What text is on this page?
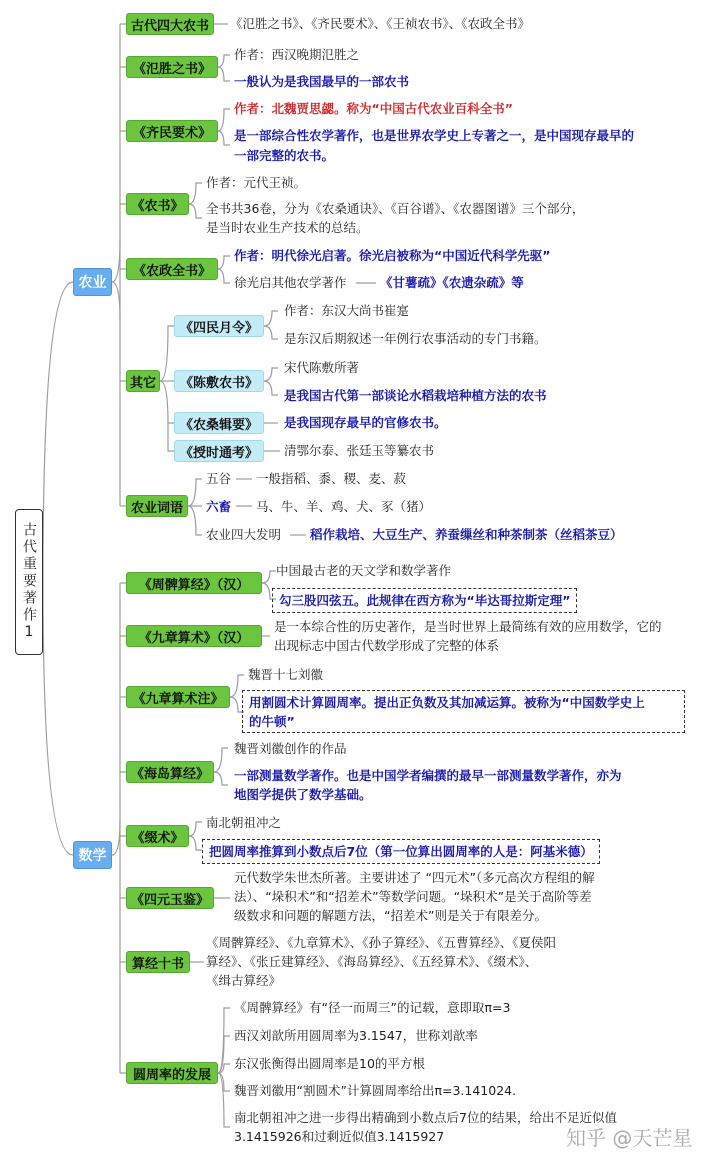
古代重要著作1
农业
古代四大农书	《氾胜之书》、《齐民要术》、《王祯农书》、《农政全书》
《氾胜之书》
作者：西汉晚期氾胜之
一般认为是我国最早的一部农书
《齐民要术》
作者：北魏贾思勰。称为“中国古代农业百科全书”
是一部综合性农学著作，也是世界农学史上专著之一，是中国现存最早的
一部完整的农书。
《农书》
作者：元代王祯。
全书共36卷，分为《农桑通诀》、《百谷谱》、《农器图谱》三个部分，
是当时农业生产技术的总结。
《农政全书》
作者：明代徐光启著。徐光启被称为“中国近代科学先驱”
徐光启其他农学著作	《甘薯疏》《农遗杂疏》等
其它
《四民月令》
作者：东汉大尚书崔寔
是东汉后期叙述一年例行农事活动的专门书籍。
《陈敷农书》
宋代陈敷所著
是我国古代第一部谈论水稻栽培种植方法的农书
《农桑辑要》	是我国现存最早的官修农书。
《授时通考》	清鄂尔泰、张廷玉等纂农书
农业词语
五谷 一般指稻、黍、稷、麦、菽
六畜 马、牛、羊、鸡、犬、豕（猪）
农业四大发明 稻作栽培、大豆生产、养蚕缫丝和种茶制茶（丝稻茶豆）
数学
《周髀算经》（汉）
中国最古老的天文学和数学著作
勾三股四弦五。此规律在西方称为“毕达哥拉斯定理”
《九章算术》（汉）
是一本综合性的历史著作，是当时世界上最简练有效的应用数学，它的
出现标志中国古代数学形成了完整的体系
《九章算术注》
魏晋十七刘徽
用割圆术计算圆周率。提出正负数及其加减运算。被称为“中国数学史上
的牛顿”
《海岛算经》
魏晋刘徽创作的作品
一部测量数学著作。也是中国学者编撰的最早一部测量数学著作，亦为
地图学提供了数学基础。
《缀术》
南北朝祖冲之
把圆周率推算到小数点后7位（第一位算出圆周率的人是：阿基米德）
《四元玉鉴》
元代数学朱世杰所著。主要讲述了 “四元术”（多元高次方程组的解
法）、“垛积术”和“招差术”等数学问题。“垛积术”是关于高阶等差
级数求和问题的解题方法，“招差术”则是关于有限差分。
算经十书
《周髀算经》、《九章算术》、《孙子算经》、《五曹算经》、《夏侯阳
算经》、《张丘建算经》、《海岛算经》、《五经算术》、《缀术》、
《缉古算经》
圆周率的发展
《周髀算经》有“径一而周三”的记载，意即取π=3
西汉刘歆所用圆周率为3.1547，世称刘歆率
东汉张衡得出圆周率是10的平方根
魏晋刘徽用“割圆术”计算圆周率给出π=3.141024.
南北朝祖冲之进一步得出精确到小数点后7位的结果，给出不足近似值
3.1415926和过剩近似值3.1415927	知乎 @天芒星
